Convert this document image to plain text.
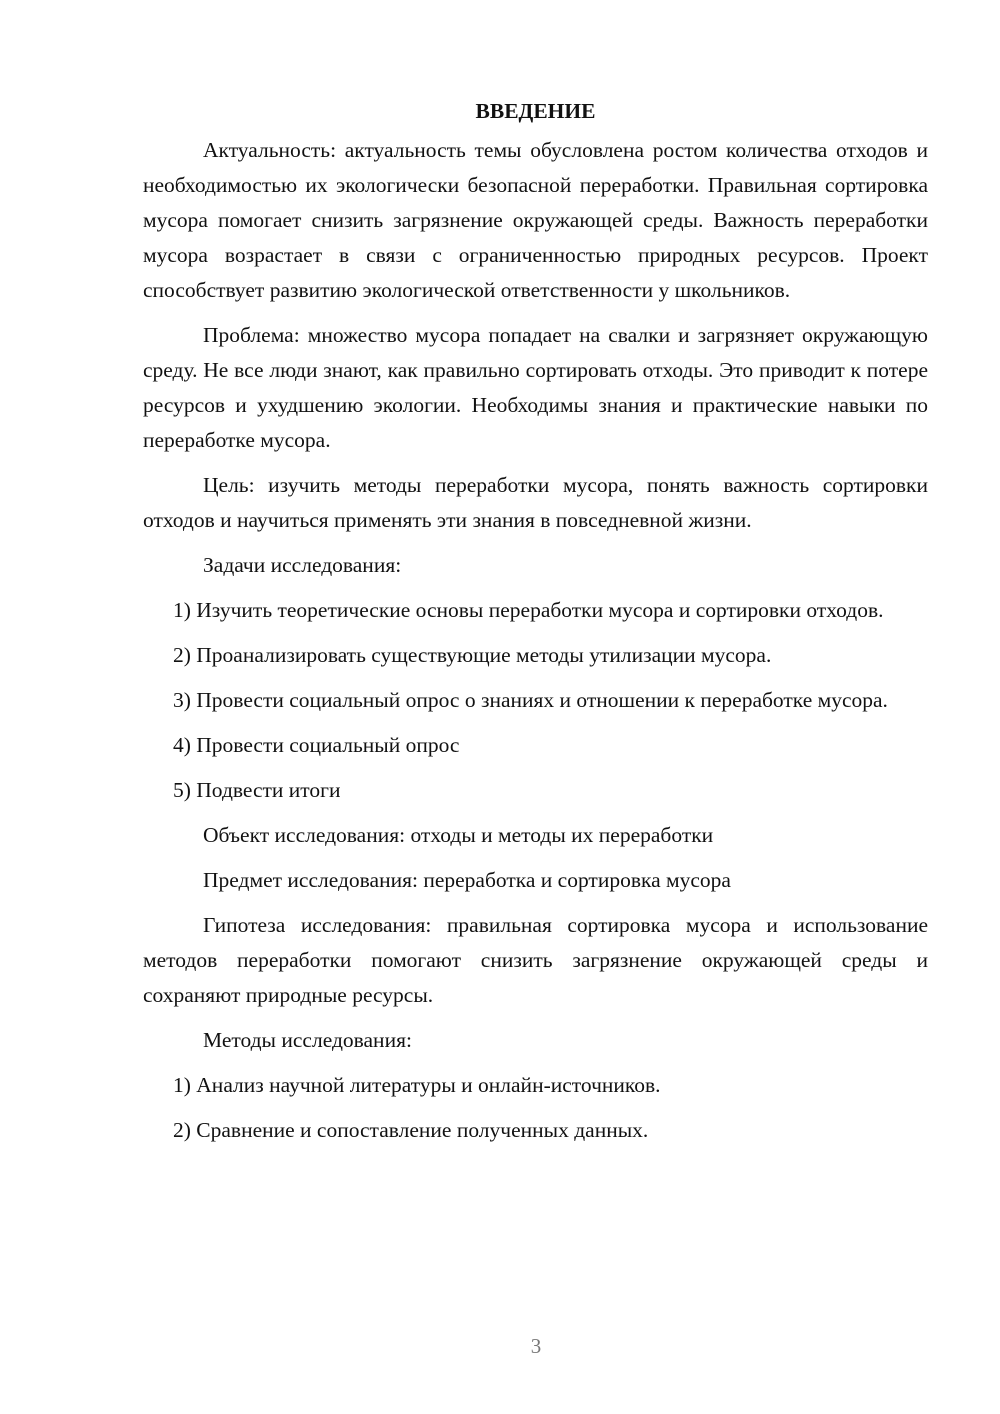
ВВЕДЕНИЕ

Актуальность: актуальность темы обусловлена ростом количества отходов и необходимостью их экологически безопасной переработки. Правильная сортировка мусора помогает снизить загрязнение окружающей среды. Важность переработки мусора возрастает в связи с ограниченностью природных ресурсов. Проект способствует развитию экологической ответственности у школьников.

Проблема: множество мусора попадает на свалки и загрязняет окружающую среду. Не все люди знают, как правильно сортировать отходы. Это приводит к потере ресурсов и ухудшению экологии. Необходимы знания и практические навыки по переработке мусора.

Цель: изучить методы переработки мусора, понять важность сортировки отходов и научиться применять эти знания в повседневной жизни.

Задачи исследования:

1) Изучить теоретические основы переработки мусора и сортировки отходов.

2) Проанализировать существующие методы утилизации мусора.

3) Провести социальный опрос о знаниях и отношении к переработке мусора.

4) Провести социальный опрос

5) Подвести итоги

Объект исследования: отходы и методы их переработки

Предмет исследования: переработка и сортировка мусора

Гипотеза исследования: правильная сортировка мусора и использование методов переработки помогают снизить загрязнение окружающей среды и сохраняют природные ресурсы.

Методы исследования:

1) Анализ научной литературы и онлайн-источников.

2) Сравнение и сопоставление полученных данных.

3
